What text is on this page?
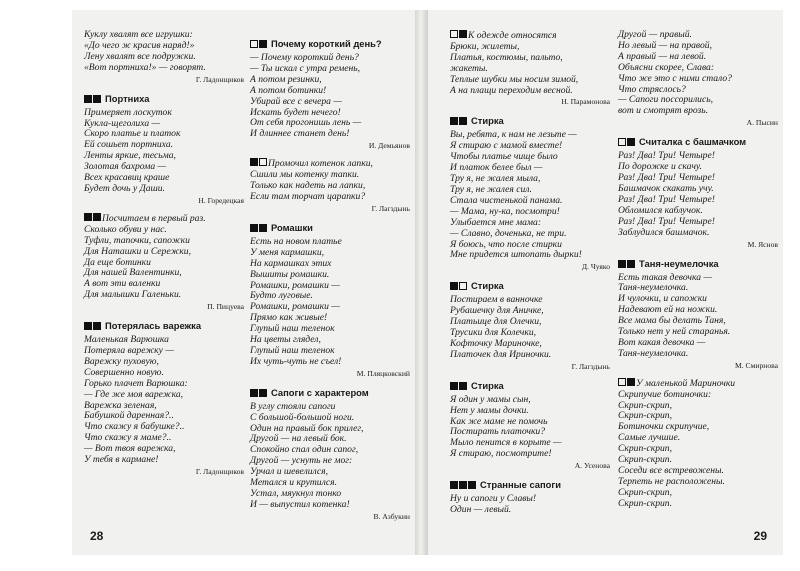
Куклу хвалят все игрушки:
«До чего ж красив наряд!»
Лену хвалят все подружки.
«Вот портниха!» — говорят.
Г. Ладонщиков
Портниха
Примеряет лоскуток
Кукла-щеголиха —
Скоро платье и платок
Ей сошьет портниха.
Ленты яркие, тесьма,
Золотая бахрома —
Всех красавиц краше
Будет дочь у Даши.
Н. Горедецкая
Посчитаем в первый раз.
Сколько обуви у нас.
Туфли, тапочки, сапожки
Для Наташки и Сережки,
Да еще ботинки
Для нашей Валентинки,
А вот эти валенки
Для малышки Галеньки.
П. Пицуева
Потерялась варежка
Маленькая Варюшка
Потеряла варежку —
Варежку пуховую,
Совершенно новую.
Горько плачет Варюшка:
— Где же моя варежка,
Варежка зеленая,
Бабушкой даренная?..
Что скажу я бабушке?..
Что скажу я маме?..
— Вот твоя варежка,
У тебя в кармане!
Г. Ладонщиков
Почему короткий день?
— Почему короткий день?
— Ты искал с утра ремень,
А потом резинки,
А потом ботинки!
Убирай все с вечера —
Искать будет нечего!
От себя прогонишь лень —
И длиннее станет день!
И. Демьянов
Промочил котенок лапки,
Сшили мы котенку тапки.
Только как надеть на лапки,
Если там торчат царапки?
Г. Лагздынь
Ромашки
Есть на новом платье
У меня кармашки,
На кармашках этих
Вышиты ромашки.
Ромашки, ромашки —
Будто луговые.
Ромашки, ромашки —
Прямо как живые!
Глупый наш теленок
На цветы глядел,
Глупый наш теленок
Их чуть-чуть не съел!
М. Пляцковский
Сапоги с характером
В углу стояли сапоги
С большой-большой ноги.
Один на правый бок прилег,
Другой — на левый бок.
Спокойно спал один сапог,
Другой — уснуть не мог:
Урчал и шевелился,
Метался и крутился.
Устал, мяукнул тонко
И — выпустил котенка!
В. Азбукин
28
К одежде относятся
Брюки, жилеты,
Платья, костюмы, пальто,
жакеты.
Теплые шубки мы носим зимой,
А на плащи переходим весной.
Н. Парамонова
Стирка
Вы, ребята, к нам не лезьте —
Я стираю с мамой вместе!
Чтобы платье чище было
И платок белее был —
Тру я, не жалея мыла,
Тру я, не жалея сил.
Стала чистенькой панама.
— Мама, ну-ка, посмотри!
Улыбается мне мама:
— Славно, доченька, не три.
Я боюсь, что после стирки
Мне придется штопать дырки!
Д. Чуяко
Стирка
Постираем в ванночке
Рубашечку для Аничке,
Платьице для Олечки,
Трусики для Колечки,
Кофточку Мариночке,
Платочек для Ириночки.
Г. Лагздынь
Стирка
Я один у мамы сын,
Нет у мамы дочки.
Как же маме не помочь
Постирать платочки?
Мыло пенится в корыте —
Я стираю, посмотрите!
А. Усенова
Странные сапоги
Ну и сапоги у Славы!
Один — левый.
Другой — правый.
Но левый — на правой,
А правый — на левой.
Объясни скорее, Слава:
Что же это с ними стало?
Что стряслось?
— Сапоги поссорились,
вот и смотрят врозь.
А. Пысин
Считалка с башмачком
Раз! Два! Три! Четыре!
По дорожке и скачу.
Раз! Два! Три! Четыре!
Башмачок скакать учу.
Раз! Два! Три! Четыре!
Обломился каблучок.
Раз! Два! Три! Четыре!
Заблудился башмачок.
М. Яснов
Таня-неумелочка
Есть такая девочка —
Таня-неумелочка.
И чулочки, и сапожки
Надевают ей на ножки.
Все мама бы делать Таня,
Только нет у ней старанья.
Вот какая девочка —
Таня-неумелочка.
М. Смирнова
У маленькой Мариночки
Скрипучие ботиночки:
Скрип-скрип,
Скрип-скрип,
Ботиночки скрипучие,
Самые лучшие.
Скрип-скрип,
Скрип-скрип.
Соседи все встревожены.
Терпеть не расположены.
Скрип-скрип,
Скрип-скрип.
29
